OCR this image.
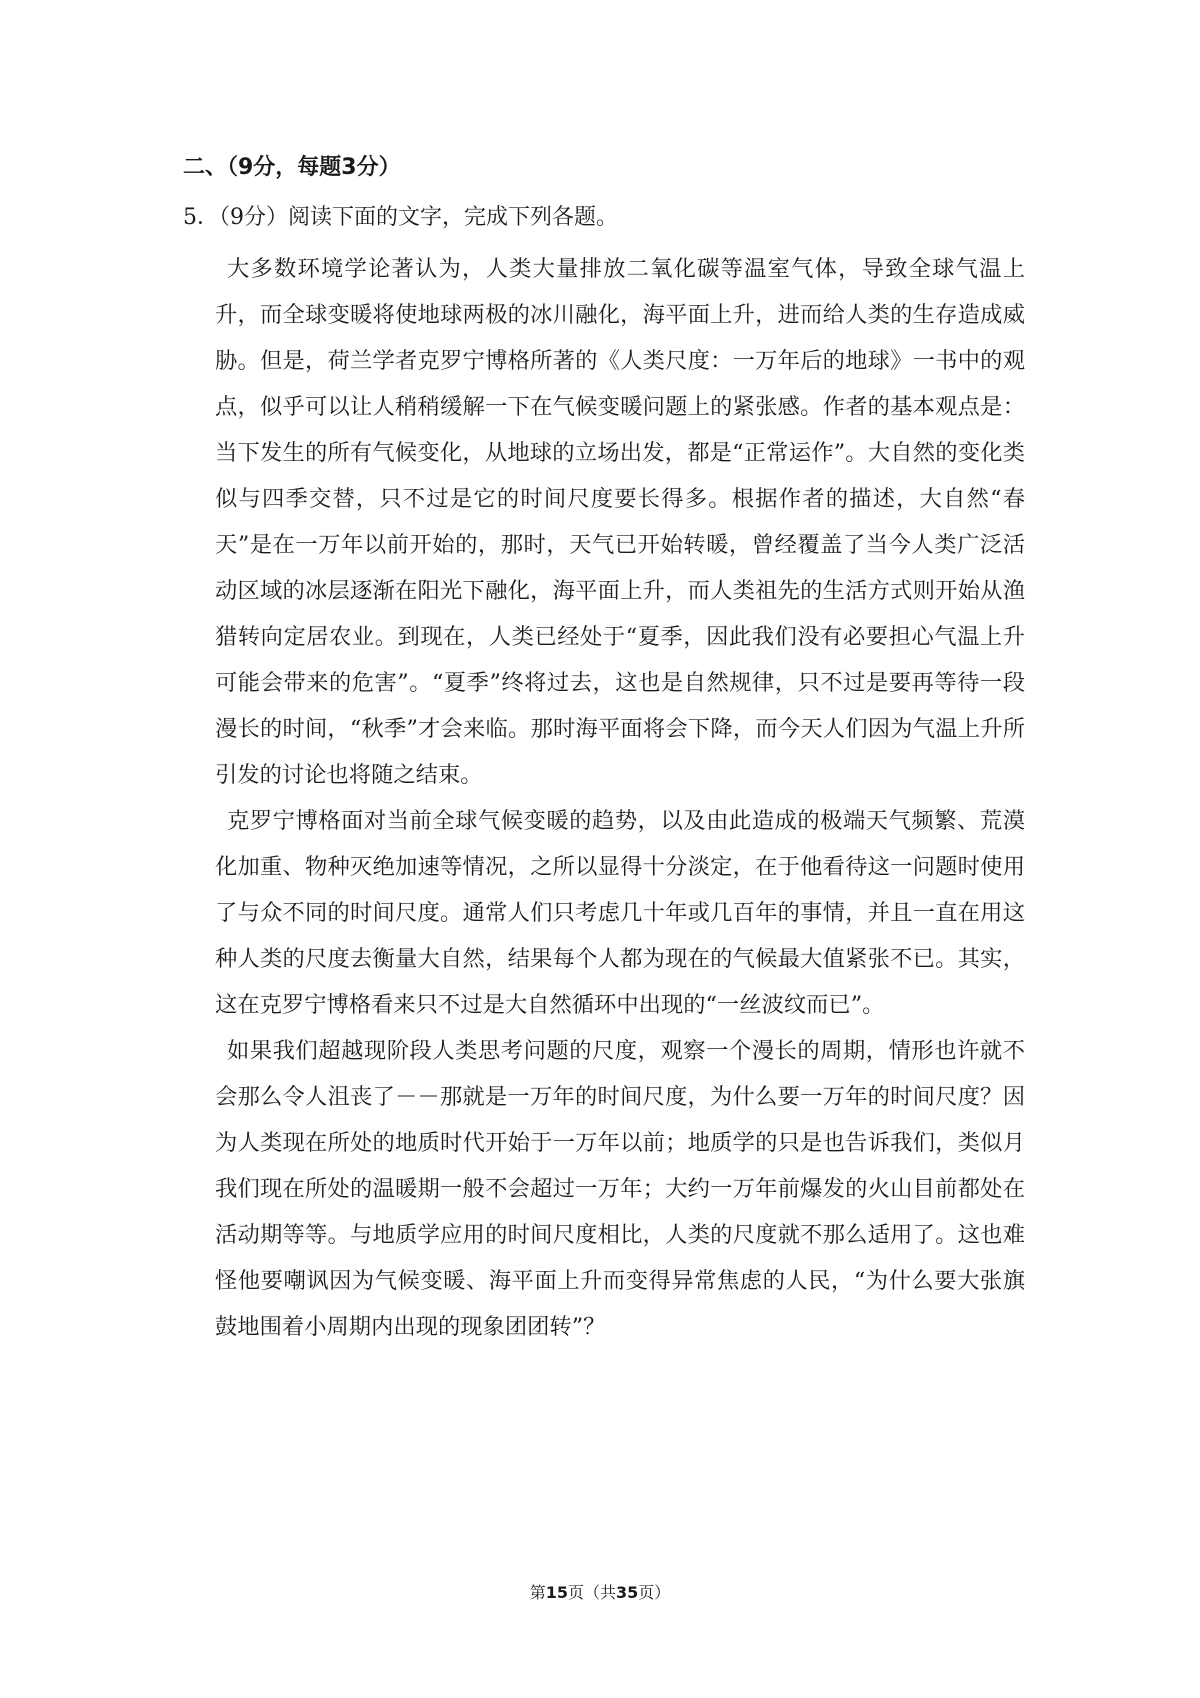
二、（9分，每题3分）
5．（9分）阅读下面的文字，完成下列各题。

大多数环境学论著认为，人类大量排放二氧化碳等温室气体，导致全球气温上升，而全球变暖将使地球两极的冰川融化，海平面上升，进而给人类的生存造成威胁。但是，荷兰学者克罗宁博格所著的《人类尺度：一万年后的地球》一书中的观点，似乎可以让人稍稍缓解一下在气候变暖问题上的紧张感。作者的基本观点是：当下发生的所有气候变化，从地球的立场出发，都是“正常运作”。大自然的变化类似与四季交替，只不过是它的时间尺度要长得多。根据作者的描述，大自然“春天”是在一万年以前开始的，那时，天气已开始转暖，曾经覆盖了当今人类广泛活动区域的冰层逐渐在阳光下融化，海平面上升，而人类祖先的生活方式则开始从渔猎转向定居农业。到现在，人类已经处于“夏季，因此我们没有必要担心气温上升可能会带来的危害”。“夏季”终将过去，这也是自然规律，只不过是要再等待一段漫长的时间，“秋季”才会来临。那时海平面将会下降，而今天人们因为气温上升所引发的讨论也将随之结束。

克罗宁博格面对当前全球气候变暖的趋势，以及由此造成的极端天气频繁、荒漠化加重、物种灭绝加速等情况，之所以显得十分淡定，在于他看待这一问题时使用了与众不同的时间尺度。通常人们只考虑几十年或几百年的事情，并且一直在用这种人类的尺度去衡量大自然，结果每个人都为现在的气候最大值紧张不已。其实，这在克罗宁博格看来只不过是大自然循环中出现的“一丝波纹而已”。

如果我们超越现阶段人类思考问题的尺度，观察一个漫长的周期，情形也许就不会那么令人沮丧了－－那就是一万年的时间尺度，为什么要一万年的时间尺度？因为人类现在所处的地质时代开始于一万年以前；地质学的只是也告诉我们，类似月我们现在所处的温暖期一般不会超过一万年；大约一万年前爆发的火山目前都处在活动期等等。与地质学应用的时间尺度相比，人类的尺度就不那么适用了。这也难怪他要嘲讽因为气候变暖、海平面上升而变得异常焦虑的人民，“为什么要大张旗鼓地围着小周期内出现的现象团团转”？

第15页（共35页）
